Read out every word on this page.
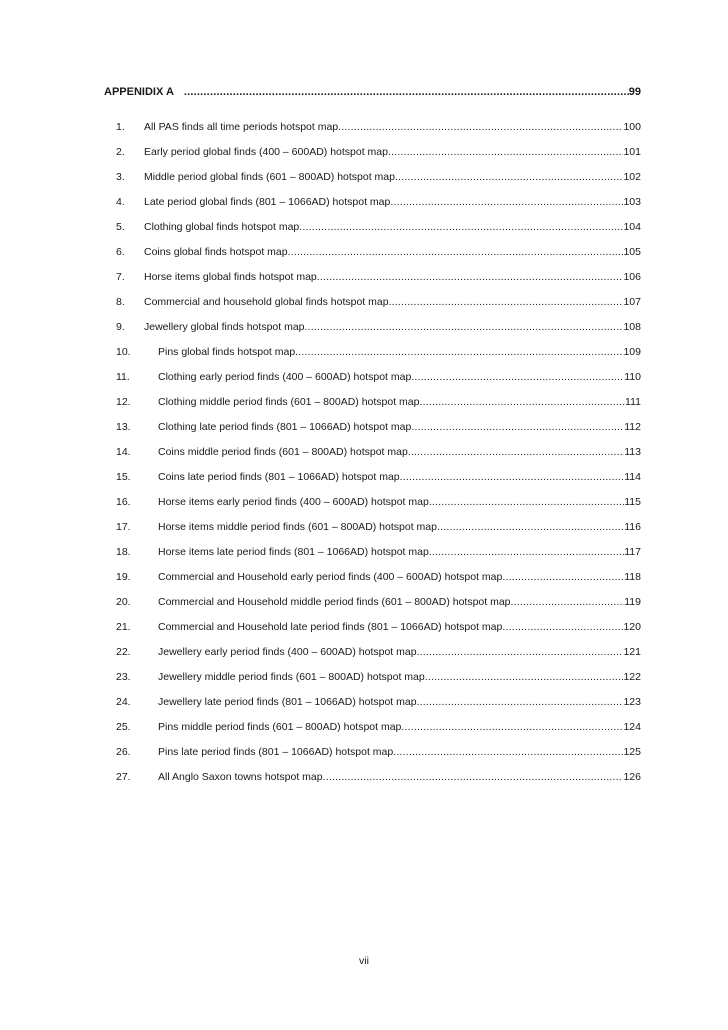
APPENIDIX A .....	99
1.	All PAS finds all time periods hotspot map .....	100
2.	Early period global finds (400 – 600AD) hotspot map .....	101
3.	Middle period global finds (601 – 800AD) hotspot map .....	102
4.	Late period global finds (801 – 1066AD) hotspot map .....	103
5.	Clothing global finds hotspot map .....	104
6.	Coins global finds hotspot map .....	105
7.	Horse items global finds hotspot map .....	106
8.	Commercial and household global finds hotspot map .....	107
9.	Jewellery global finds hotspot map .....	108
10.	Pins global finds hotspot map .....	109
11.	Clothing early period finds (400 – 600AD) hotspot map .....	110
12.	Clothing middle period finds (601 – 800AD) hotspot map .....	111
13.	Clothing late period finds (801 – 1066AD) hotspot map .....	112
14.	Coins middle period finds (601 – 800AD) hotspot map .....	113
15.	Coins late period finds (801 – 1066AD) hotspot map .....	114
16.	Horse items early period finds (400 – 600AD) hotspot map .....	115
17.	Horse items middle period finds (601 – 800AD) hotspot map .....	116
18.	Horse items late period finds (801 – 1066AD) hotspot map .....	117
19.	Commercial and Household early period finds (400 – 600AD) hotspot map .....	118
20.	Commercial and Household middle period finds (601 – 800AD) hotspot map .....	119
21.	Commercial and Household late period finds (801 – 1066AD) hotspot map .....	120
22.	Jewellery early period finds (400 – 600AD) hotspot map .....	121
23.	Jewellery middle period finds (601 – 800AD) hotspot map .....	122
24.	Jewellery late period finds (801 – 1066AD) hotspot map .....	123
25.	Pins middle period finds (601 – 800AD) hotspot map .....	124
26.	Pins late period finds (801 – 1066AD) hotspot map .....	125
27.	All Anglo Saxon towns hotspot map .....	126
vii
